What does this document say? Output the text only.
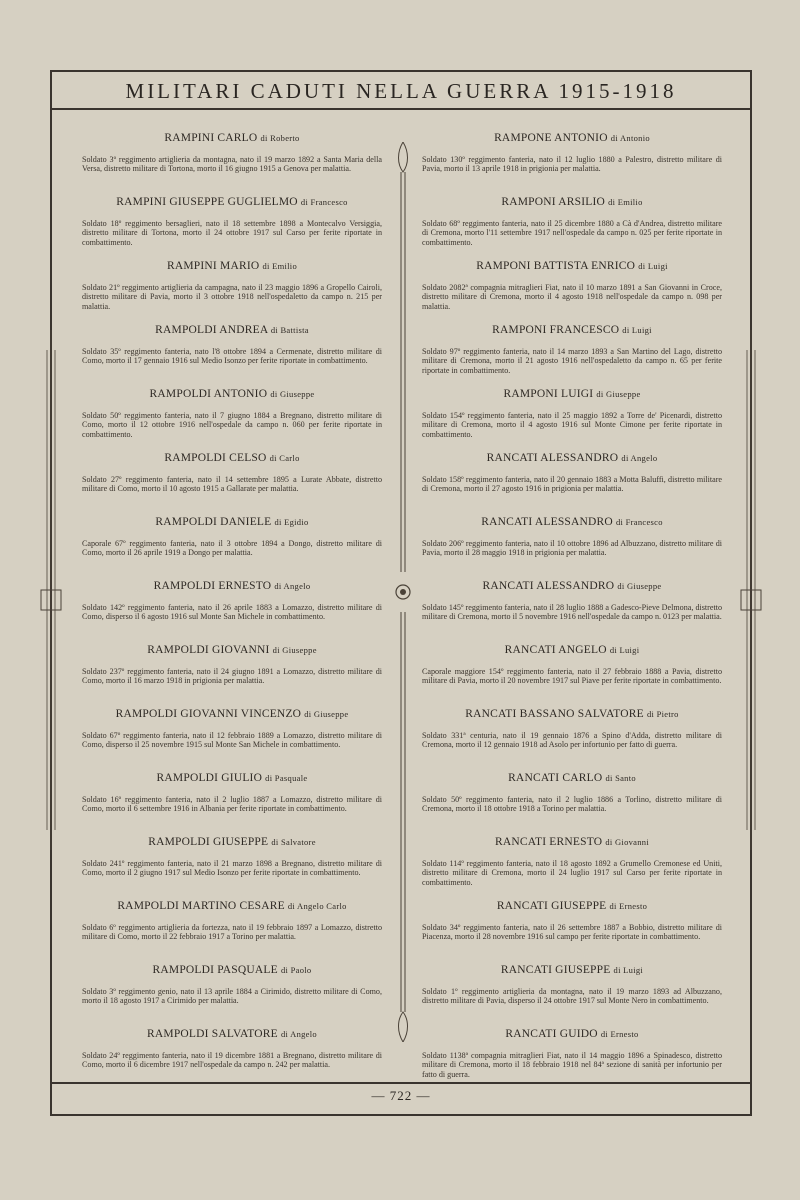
MILITARI CADUTI NELLA GUERRA 1915-1918
RAMPINI CARLO di Roberto
Soldato 3º reggimento artiglieria da montagna, nato il 19 marzo 1892 a Santa Maria della Versa, distretto militare di Tortona, morto il 16 giugno 1915 a Genova per malattia.
RAMPINI GIUSEPPE GUGLIELMO di Francesco
Soldato 18º reggimento bersaglieri, nato il 18 settembre 1898 a Montecalvo Versiggia, distretto militare di Tortona, morto il 24 ottobre 1917 sul Carso per ferite riportate in combattimento.
RAMPINI MARIO di Emilio
Soldato 21º reggimento artiglieria da campagna, nato il 23 maggio 1896 a Gropello Cairoli, distretto militare di Pavia, morto il 3 ottobre 1918 nell'ospedaletto da campo n. 215 per malattia.
RAMPOLDI ANDREA di Battista
Soldato 35º reggimento fanteria, nato l'8 ottobre 1894 a Cermenate, distretto militare di Como, morto il 17 gennaio 1916 sul Medio Isonzo per ferite riportate in combattimento.
RAMPOLDI ANTONIO di Giuseppe
Soldato 50º reggimento fanteria, nato il 7 giugno 1884 a Bregnano, distretto militare di Como, morto il 12 ottobre 1916 nell'ospedale da campo n. 060 per ferite riportate in combattimento.
RAMPOLDI CELSO di Carlo
Soldato 27º reggimento fanteria, nato il 14 settembre 1895 a Lurate Abbate, distretto militare di Como, morto il 10 agosto 1915 a Gallarate per malattia.
RAMPOLDI DANIELE di Egidio
Caporale 67º reggimento fanteria, nato il 3 ottobre 1894 a Dongo, distretto militare di Como, morto il 26 aprile 1919 a Dongo per malattia.
RAMPOLDI ERNESTO di Angelo
Soldato 142º reggimento fanteria, nato il 26 aprile 1883 a Lomazzo, distretto militare di Como, disperso il 6 agosto 1916 sul Monte San Michele in combattimento.
RAMPOLDI GIOVANNI di Giuseppe
Soldato 237º reggimento fanteria, nato il 24 giugno 1891 a Lomazzo, distretto militare di Como, morto il 16 marzo 1918 in prigionia per malattia.
RAMPOLDI GIOVANNI VINCENZO di Giuseppe
Soldato 67º reggimento fanteria, nato il 12 febbraio 1889 a Lomazzo, distretto militare di Como, disperso il 25 novembre 1915 sul Monte San Michele in combattimento.
RAMPOLDI GIULIO di Pasquale
Soldato 16º reggimento fanteria, nato il 2 luglio 1887 a Lomazzo, distretto militare di Como, morto il 6 settembre 1916 in Albania per ferite riportate in combattimento.
RAMPOLDI GIUSEPPE di Salvatore
Soldato 241º reggimento fanteria, nato il 21 marzo 1898 a Bregnano, distretto militare di Como, morto il 2 giugno 1917 sul Medio Isonzo per ferite riportate in combattimento.
RAMPOLDI MARTINO CESARE di Angelo Carlo
Soldato 6º reggimento artiglieria da fortezza, nato il 19 febbraio 1897 a Lomazzo, distretto militare di Como, morto il 22 febbraio 1917 a Torino per malattia.
RAMPOLDI PASQUALE di Paolo
Soldato 3º reggimento genio, nato il 13 aprile 1884 a Cirimido, distretto militare di Como, morto il 18 agosto 1917 a Cirimido per malattia.
RAMPOLDI SALVATORE di Angelo
Soldato 24º reggimento fanteria, nato il 19 dicembre 1881 a Bregnano, distretto militare di Como, morto il 6 dicembre 1917 nell'ospedale da campo n. 242 per malattia.
RAMPONE ANTONIO di Antonio
Soldato 130º reggimento fanteria, nato il 12 luglio 1880 a Palestro, distretto militare di Pavia, morto il 13 aprile 1918 in prigionia per malattia.
RAMPONI ARSILIO di Emilio
Soldato 68º reggimento fanteria, nato il 25 dicembre 1880 a Cà d'Andrea, distretto militare di Cremona, morto l'11 settembre 1917 nell'ospedale da campo n. 025 per ferite riportate in combattimento.
RAMPONI BATTISTA ENRICO di Luigi
Soldato 2082ª compagnia mitraglieri Fiat, nato il 10 marzo 1891 a San Giovanni in Croce, distretto militare di Cremona, morto il 4 agosto 1918 nell'ospedale da campo n. 098 per malattia.
RAMPONI FRANCESCO di Luigi
Soldato 97º reggimento fanteria, nato il 14 marzo 1893 a San Martino del Lago, distretto militare di Cremona, morto il 21 agosto 1916 nell'ospedaletto da campo n. 65 per ferite riportate in combattimento.
RAMPONI LUIGI di Giuseppe
Soldato 154º reggimento fanteria, nato il 25 maggio 1892 a Torre de' Picenardi, distretto militare di Cremona, morto il 4 agosto 1916 sul Monte Cimone per ferite riportate in combattimento.
RANCATI ALESSANDRO di Angelo
Soldato 158º reggimento fanteria, nato il 20 gennaio 1883 a Motta Baluffi, distretto militare di Cremona, morto il 27 agosto 1916 in prigionia per malattia.
RANCATI ALESSANDRO di Francesco
Soldato 206º reggimento fanteria, nato il 10 ottobre 1896 ad Albuzzano, distretto militare di Pavia, morto il 28 maggio 1918 in prigionia per malattia.
RANCATI ALESSANDRO di Giuseppe
Soldato 145º reggimento fanteria, nato il 28 luglio 1888 a Gadesco-Pieve Delmona, distretto militare di Cremona, morto il 5 novembre 1916 nell'ospedale da campo n. 0123 per malattia.
RANCATI ANGELO di Luigi
Caporale maggiore 154º reggimento fanteria, nato il 27 febbraio 1888 a Pavia, distretto militare di Pavia, morto il 20 novembre 1917 sul Piave per ferite riportate in combattimento.
RANCATI BASSANO SALVATORE di Pietro
Soldato 331ª centuria, nato il 19 gennaio 1876 a Spino d'Adda, distretto militare di Cremona, morto il 12 gennaio 1918 ad Asolo per infortunio per fatto di guerra.
RANCATI CARLO di Santo
Soldato 50º reggimento fanteria, nato il 2 luglio 1886 a Torlino, distretto militare di Cremona, morto il 18 ottobre 1918 a Torino per malattia.
RANCATI ERNESTO di Giovanni
Soldato 114º reggimento fanteria, nato il 18 agosto 1892 a Grumello Cremonese ed Uniti, distretto militare di Cremona, morto il 24 luglio 1917 sul Carso per ferite riportate in combattimento.
RANCATI GIUSEPPE di Ernesto
Soldato 34º reggimento fanteria, nato il 26 settembre 1887 a Bobbio, distretto militare di Piacenza, morto il 28 novembre 1916 sul campo per ferite riportate in combattimento.
RANCATI GIUSEPPE di Luigi
Soldato 1º reggimento artiglieria da montagna, nato il 19 marzo 1893 ad Albuzzano, distretto militare di Pavia, disperso il 24 ottobre 1917 sul Monte Nero in combattimento.
RANCATI GUIDO di Ernesto
Soldato 1138ª compagnia mitraglieri Fiat, nato il 14 maggio 1896 a Spinadesco, distretto militare di Cremona, morto il 18 febbraio 1918 nel 84ª sezione di sanità per infortunio per fatto di guerra.
— 722 —
